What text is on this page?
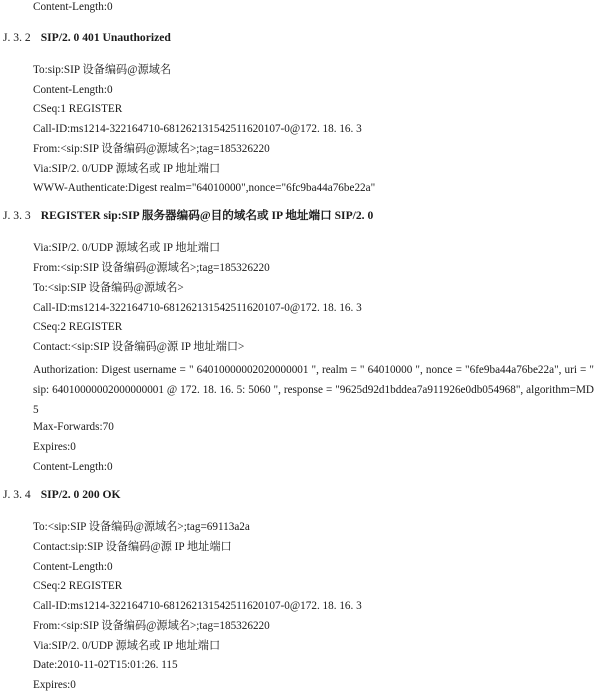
Content-Length:0
J. 3. 2 SIP/2. 0 401 Unauthorized
To:sip:SIP 设备编码@源域名
Content-Length:0
CSeq:1 REGISTER
Call-ID:ms1214-322164710-681262131542511620107-0@172. 18. 16. 3
From:<sip:SIP 设备编码@源域名>;tag=185326220
Via:SIP/2. 0/UDP 源域名或 IP 地址端口
WWW-Authenticate:Digest realm="64010000",nonce="6fc9ba44a76be22a"
J. 3. 3 REGISTER sip:SIP 服务器编码@目的域名或 IP 地址端口 SIP/2. 0
Via:SIP/2. 0/UDP 源域名或 IP 地址端口
From:<sip:SIP 设备编码@源域名>;tag=185326220
To:<sip:SIP 设备编码@源域名>
Call-ID:ms1214-322164710-681262131542511620107-0@172. 18. 16. 3
CSeq:2 REGISTER
Contact:<sip:SIP 设备编码@源 IP 地址端口>
Authorization: Digest username = " 64010000002020000001 ", realm = " 64010000 ", nonce = "6fe9ba44a76be22a", uri = " sip: 64010000002000000001 @ 172. 18. 16. 5: 5060 ", response = "9625d92d1bddea7a911926e0db054968", algorithm=MD5
Max-Forwards:70
Expires:0
Content-Length:0
J. 3. 4 SIP/2. 0 200 OK
To:<sip:SIP 设备编码@源域名>;tag=69113a2a
Contact:sip:SIP 设备编码@源 IP 地址端口
Content-Length:0
CSeq:2 REGISTER
Call-ID:ms1214-322164710-681262131542511620107-0@172. 18. 16. 3
From:<sip:SIP 设备编码@源域名>;tag=185326220
Via:SIP/2. 0/UDP 源域名或 IP 地址端口
Date:2010-11-02T15:01:26. 115
Expires:0
